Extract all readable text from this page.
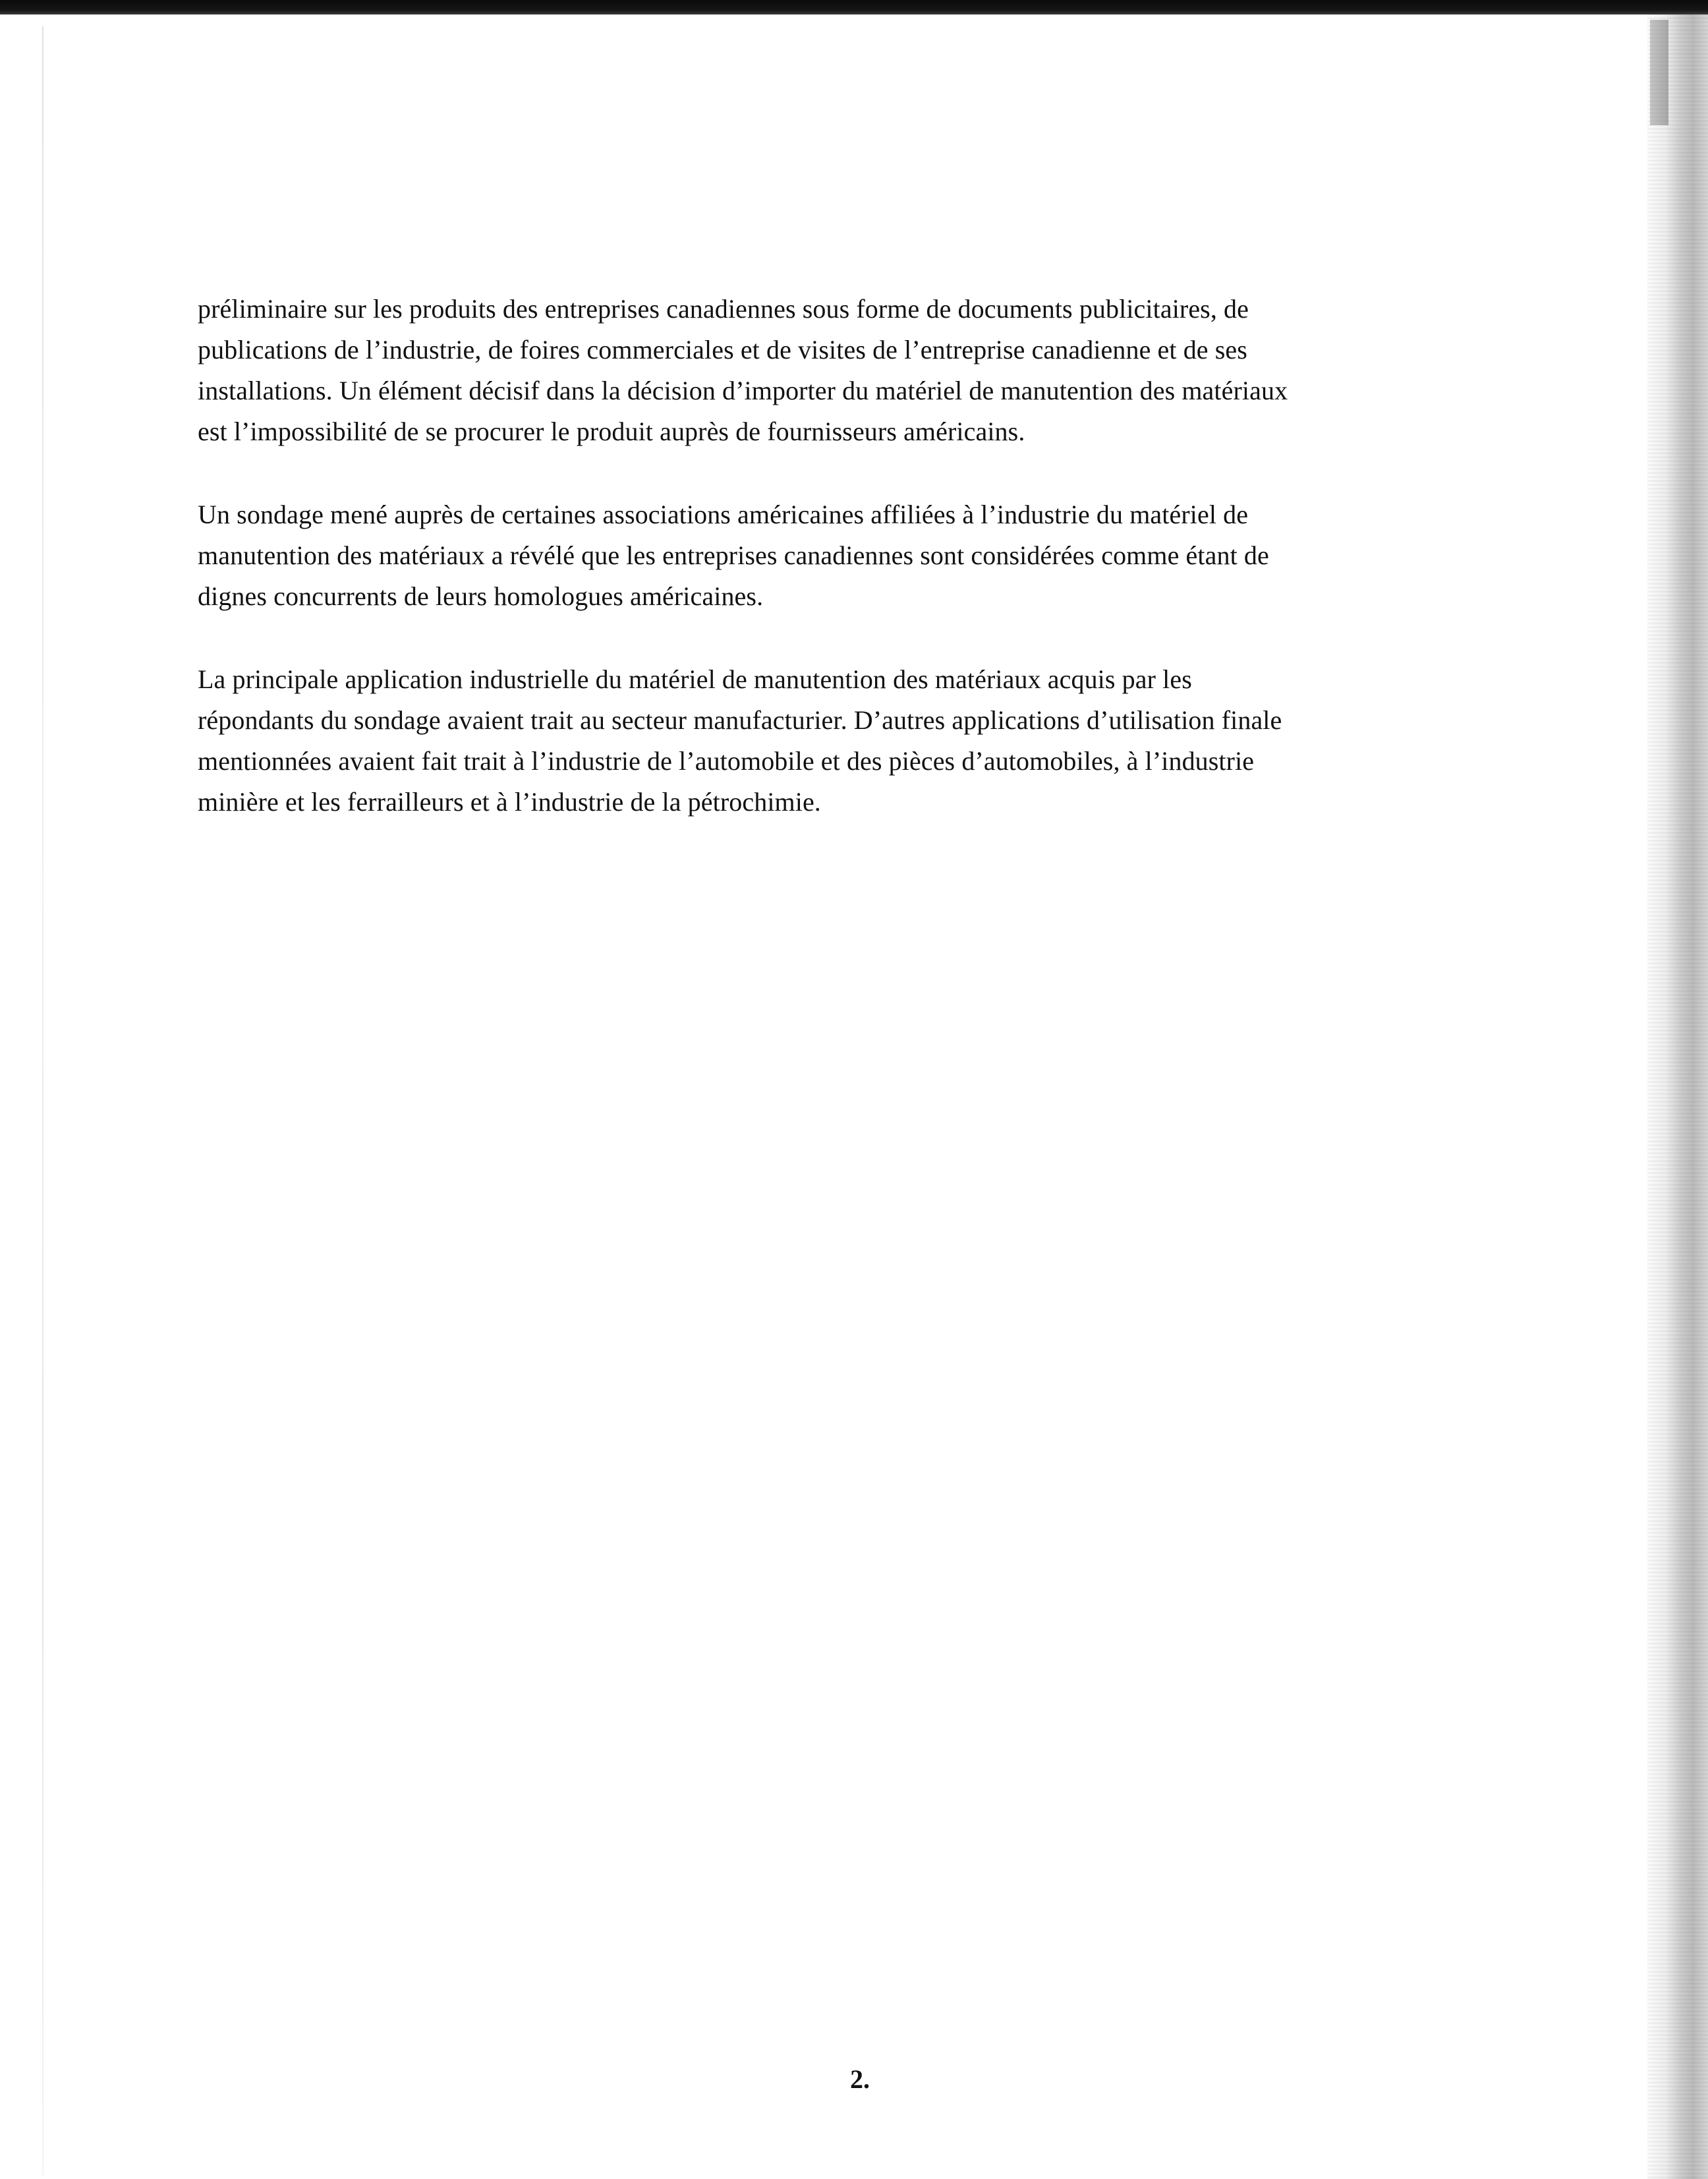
préliminaire sur les produits des entreprises canadiennes sous forme de documents publicitaires, de
publications de l’industrie, de foires commerciales et de visites de l’entreprise canadienne et de ses
installations. Un élément décisif dans la décision d’importer du matériel de manutention des matériaux
est l’impossibilité de se procurer le produit auprès de fournisseurs américains.

Un sondage mené auprès de certaines associations américaines affiliées à l’industrie du matériel de
manutention des matériaux a révélé que les entreprises canadiennes sont considérées comme étant de
dignes concurrents de leurs homologues américaines.

La principale application industrielle du matériel de manutention des matériaux acquis par les
répondants du sondage avaient trait au secteur manufacturier. D’autres applications d’utilisation finale
mentionnées avaient fait trait à l’industrie de l’automobile et des pièces d’automobiles, à l’industrie
minière et les ferrailleurs et à l’industrie de la pétrochimie.

2.
